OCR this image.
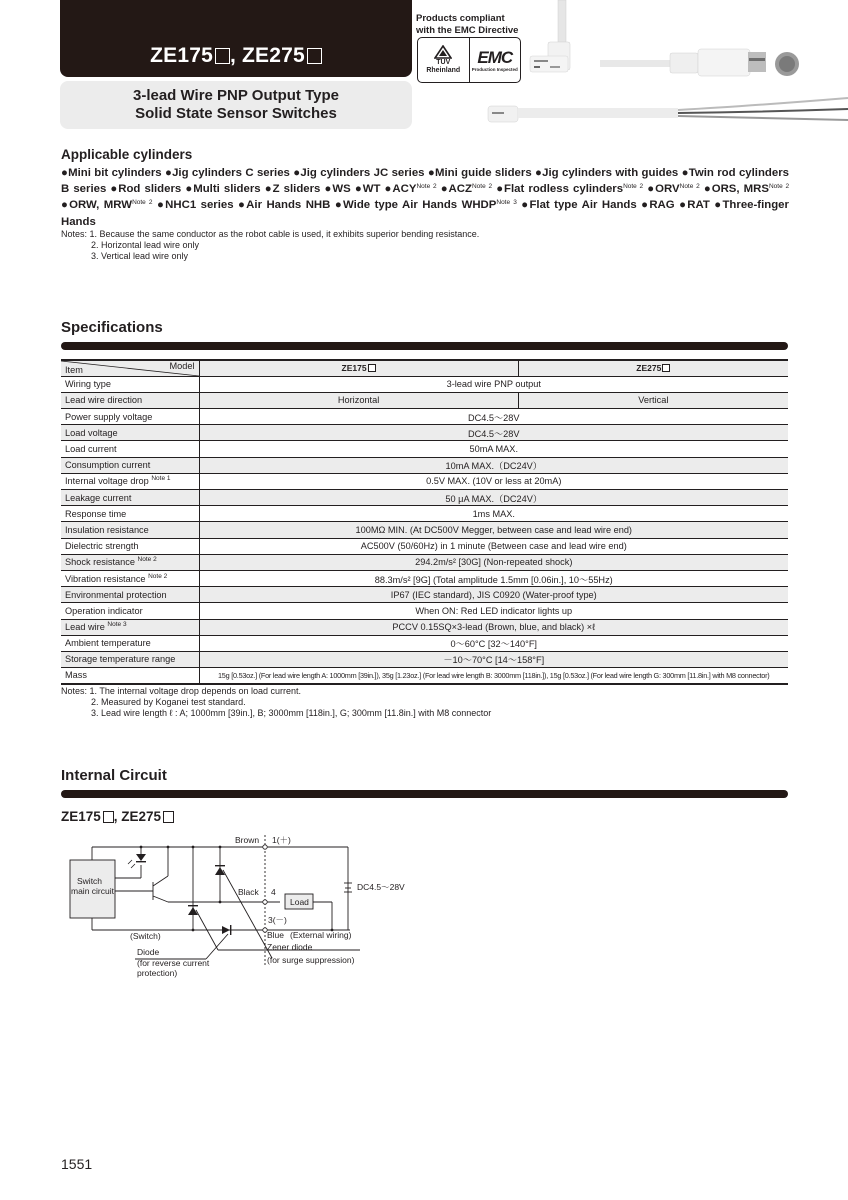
ZE175 , ZE275
3-lead Wire PNP Output Type
Solid State Sensor Switches
Products compliant
with the EMC Directive
TÜV
Rheinland
EMC
Production Inspected
Applicable cylinders
●Mini bit cylinders ●Jig cylinders C series ●Jig cylinders JC series ●Mini guide sliders ●Jig cylinders with guides ●Twin rod cylinders B series ●Rod sliders ●Multi sliders ●Z sliders ●WS ●WT $●ACY^{Note 2}$ $●ACZ^{Note 2}$ ●Flat rodless cylinders$^{Note 2}$ $●ORV^{Note 2}$ ●ORS, $MRS^{Note 2}$ ●ORW, $MRW^{Note 2}$ ●NHC1 series ●Air Hands NHB ●Wide type Air Hands $WHDP^{Note 3}$ ●Flat type Air Hands ●RAG ●RAT ●Three-finger Hands
Notes: 1. Because the same conductor as the robot cable is used, it exhibits superior bending resistance.
2. Horizontal lead wire only
3. Vertical lead wire only
Specifications
Item Model	ZE175	ZE275
Wiring type	3-lead wire PNP output	
Lead wire direction	Horizontal	Vertical
Power supply voltage	DC4.5～28V	
Load voltage	DC4.5～28V	
Load current	50mA MAX.	
Consumption current	10mA MAX.（DC24V）	
Internal voltage drop $^{Note 1}$	0.5V MAX. (10V or less at 20mA)	
Leakage current	50 μA MAX.（DC24V）	
Response time	1ms MAX.	
Insulation resistance	100MΩ MIN. (At DC500V Megger, between case and lead wire end)	
Dielectric strength	AC500V (50/60Hz) in 1 minute (Between case and lead wire end)	
Shock resistance $^{Note 2}$	294.2m/s² [30G] (Non-repeated shock)	
Vibration resistance $^{Note 2}$	88.3m/s² [9G] (Total amplitude 1.5mm [0.06in.], 10～55Hz)	
Environmental protection	IP67 (IEC standard), JIS C0920 (Water-proof type)	
Operation indicator	When ON: Red LED indicator lights up	
Lead wire $^{Note 3}$	PCCV 0.15SQ×3-lead (Brown, blue, and black) ×ℓ	
Ambient temperature	0～60°C [32～140°F]	
Storage temperature range	－10～70°C [14～158°F]	
Mass	15g [0.53oz.] (For lead wire length A: 1000mm [39in.]), 35g [1.23oz.] (For lead wire length B: 3000mm [118in.]), 15g [0.53oz.] (For lead wire length G: 300mm [11.8in.] with M8 connector)	
Notes: 1. The internal voltage drop depends on load current.
2. Measured by Koganei test standard.
3. Lead wire length ℓ : A; 1000mm [39in.], B; 3000mm [118in.], G; 300mm [11.8in.] with M8 connector
Internal Circuit
ZE175 , ZE275
Switch
main circuit
Brown 1(＋)
Black 4
Load
3(－)
Blue (External wiring)
(Switch)
DC4.5～28V
Diode
(for reverse current
protection)
Zener diode
(for surge suppression)
1551
